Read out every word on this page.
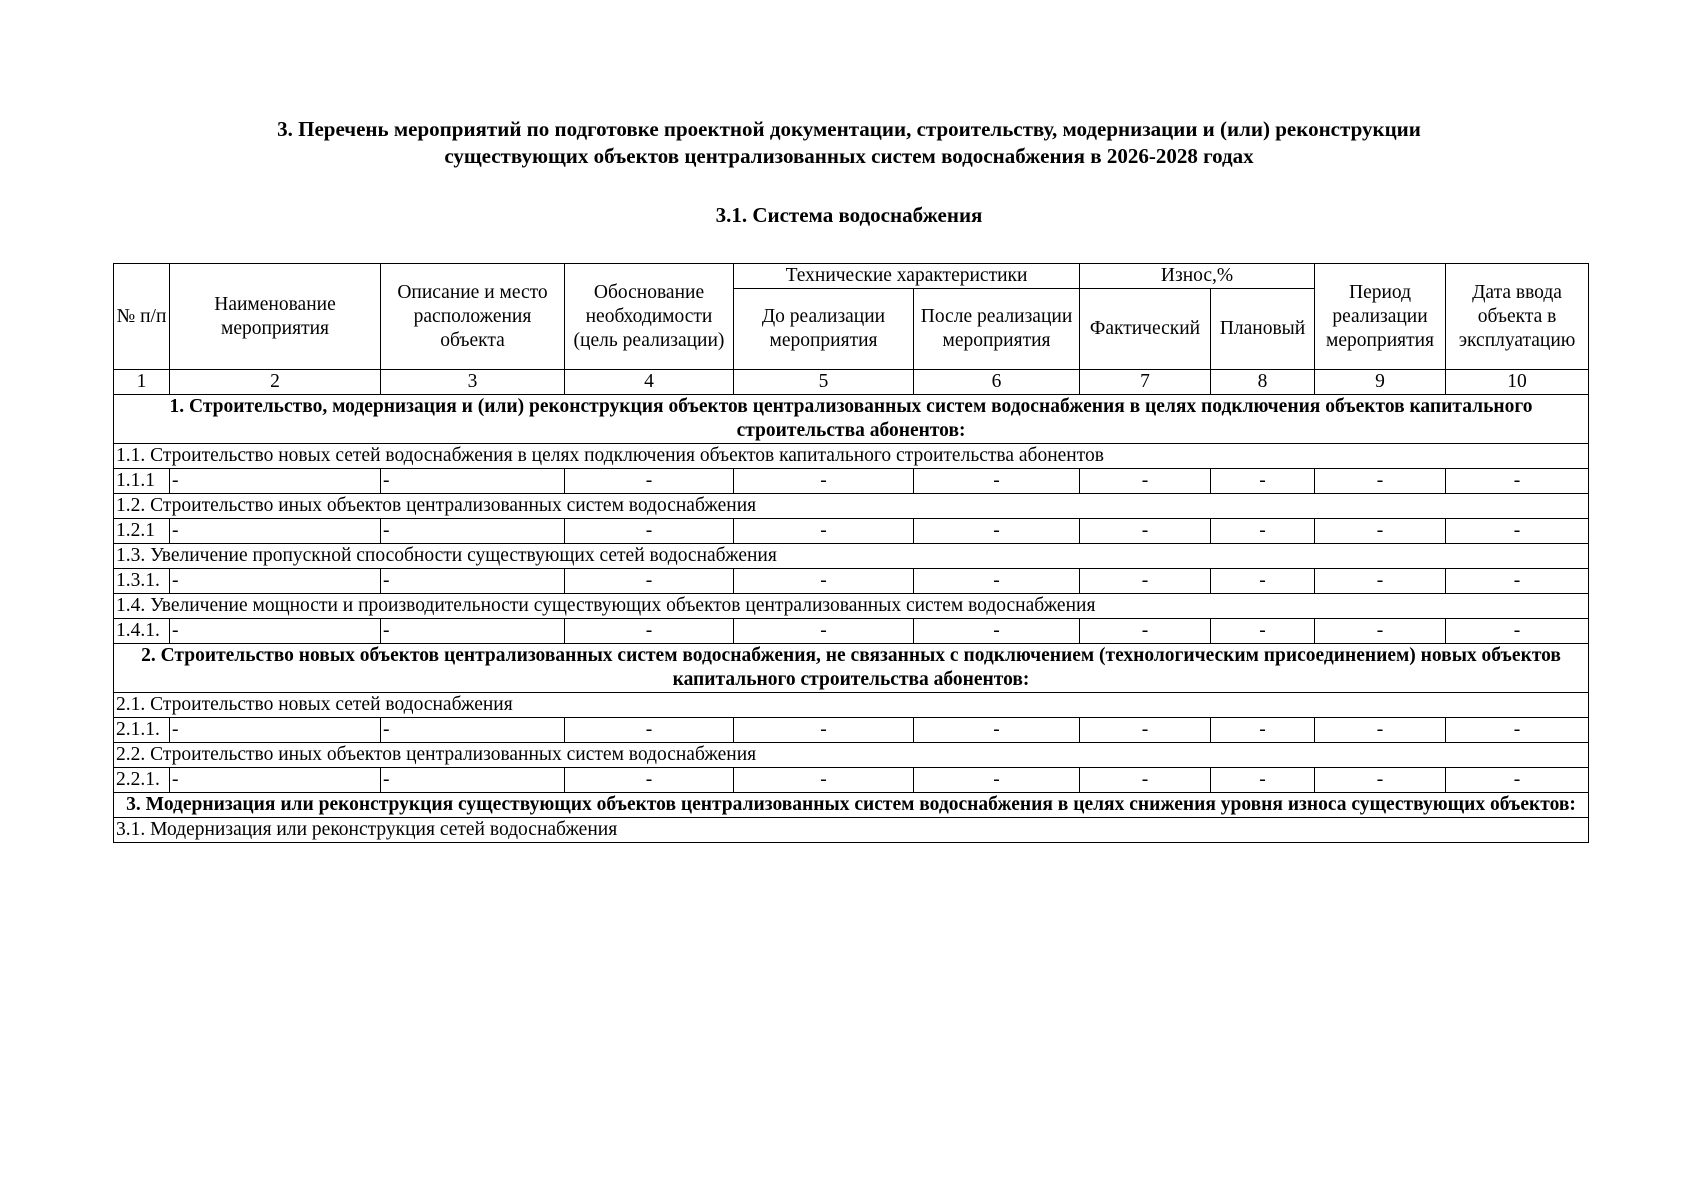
3. Перечень мероприятий по подготовке проектной документации, строительству, модернизации и (или) реконструкции
существующих объектов централизованных систем водоснабжения в 2026-2028 годах
3.1. Система водоснабжения
№ п/п	Наименование мероприятия	Описание и место расположения объекта	Обоснование необходимости (цель реализации)	Технические характеристики		Износ,%		Период реализации мероприятия	Дата ввода объекта в эксплуатацию
				До реализации мероприятия	После реализации мероприятия	Фактический	Плановый		
1	2	3	4	5	6	7	8	9	10
1. Строительство, модернизация и (или) реконструкция объектов централизованных систем водоснабжения в целях подключения объектов капитального строительства абонентов:									
1.1. Строительство новых сетей водоснабжения в целях подключения объектов капитального строительства абонентов									
1.1.1	-	-	-	-	-	-	-	-	-
1.2. Строительство иных объектов централизованных систем водоснабжения									
1.2.1	-	-	-	-	-	-	-	-	-
1.3. Увеличение пропускной способности существующих сетей водоснабжения									
1.3.1.	-	-	-	-	-	-	-	-	-
1.4. Увеличение мощности и производительности существующих объектов централизованных систем водоснабжения									
1.4.1.	-	-	-	-	-	-	-	-	-
2. Строительство новых объектов централизованных систем водоснабжения, не связанных с подключением (технологическим присоединением) новых объектов капитального строительства абонентов:									
2.1. Строительство новых сетей водоснабжения									
2.1.1.	-	-	-	-	-	-	-	-	-
2.2. Строительство иных объектов централизованных систем водоснабжения									
2.2.1.	-	-	-	-	-	-	-	-	-
3. Модернизация или реконструкция существующих объектов централизованных систем водоснабжения в целях снижения уровня износа существующих объектов:									
3.1. Модернизация или реконструкция сетей водоснабжения									
